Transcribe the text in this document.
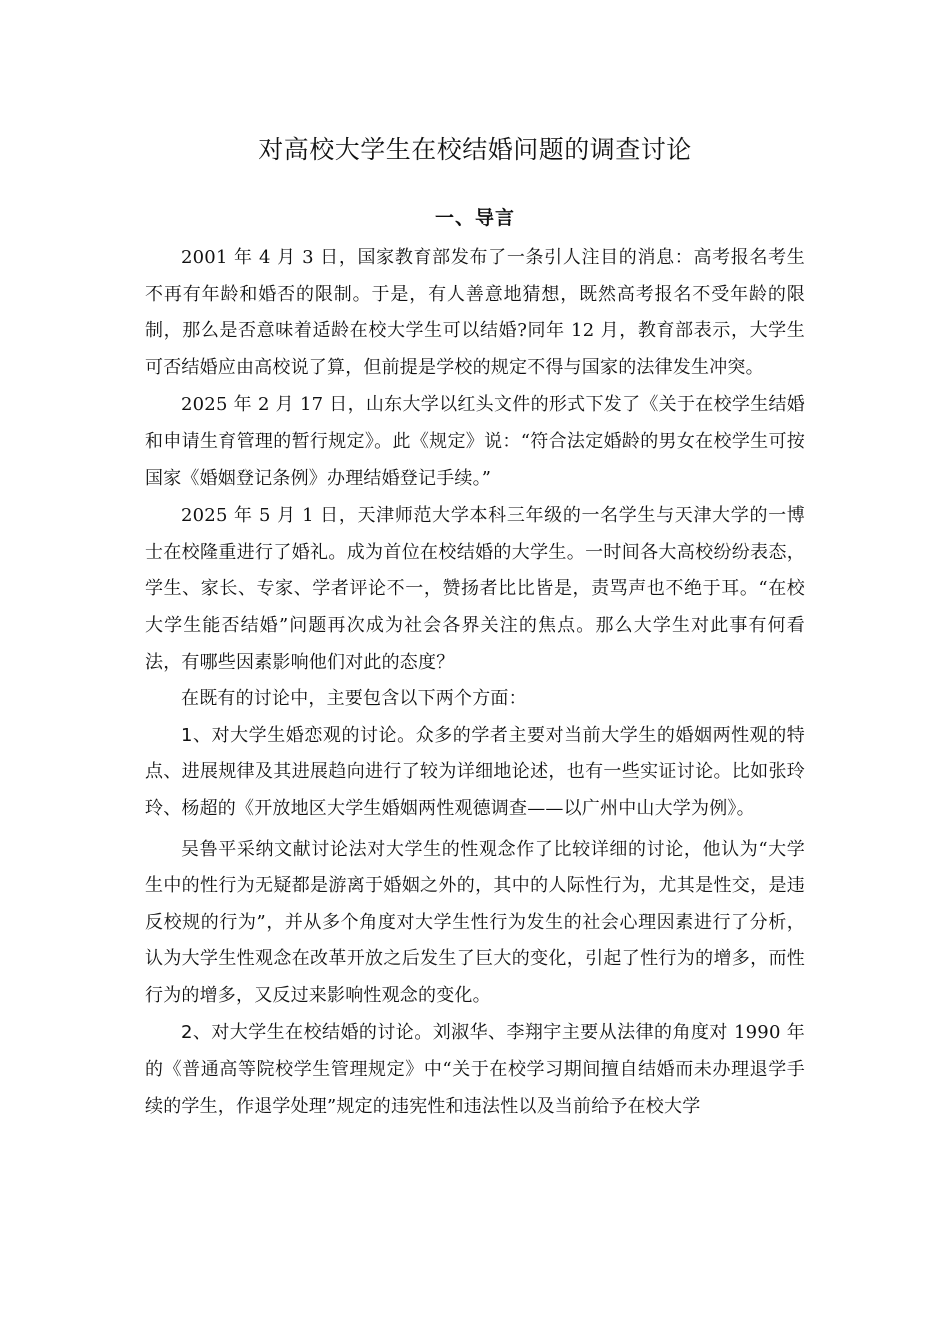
对高校大学生在校结婚问题的调查讨论
一、导言

2001 年 4 月 3 日，国家教育部发布了一条引人注目的消息：高考报名考生不再有年龄和婚否的限制。于是，有人善意地猜想，既然高考报名不受年龄的限制，那么是否意味着适龄在校大学生可以结婚?同年 12 月，教育部表示，大学生可否结婚应由高校说了算，但前提是学校的规定不得与国家的法律发生冲突。

2025 年 2 月 17 日，山东大学以红头文件的形式下发了《关于在校学生结婚和申请生育管理的暂行规定》。此《规定》说：“符合法定婚龄的男女在校学生可按国家《婚姻登记条例》办理结婚登记手续。”

2025 年 5 月 1 日，天津师范大学本科三年级的一名学生与天津大学的一博士在校隆重进行了婚礼。成为首位在校结婚的大学生。一时间各大高校纷纷表态，学生、家长、专家、学者评论不一，赞扬者比比皆是，责骂声也不绝于耳。“在校大学生能否结婚”问题再次成为社会各界关注的焦点。那么大学生对此事有何看法，有哪些因素影响他们对此的态度？

在既有的讨论中，主要包含以下两个方面：

1、对大学生婚恋观的讨论。众多的学者主要对当前大学生的婚姻两性观的特点、进展规律及其进展趋向进行了较为详细地论述，也有一些实证讨论。比如张玲玲、杨超的《开放地区大学生婚姻两性观德调查——以广州中山大学为例》。

吴鲁平采纳文献讨论法对大学生的性观念作了比较详细的讨论，他认为“大学生中的性行为无疑都是游离于婚姻之外的，其中的人际性行为，尤其是性交，是违反校规的行为”，并从多个角度对大学生性行为发生的社会心理因素进行了分析，认为大学生性观念在改革开放之后发生了巨大的变化，引起了性行为的增多，而性行为的增多，又反过来影响性观念的变化。

2、对大学生在校结婚的讨论。刘淑华、李翔宇主要从法律的角度对 1990 年的《普通高等院校学生管理规定》中“关于在校学习期间擅自结婚而未办理退学手续的学生，作退学处理”规定的违宪性和违法性以及当前给予在校大学
